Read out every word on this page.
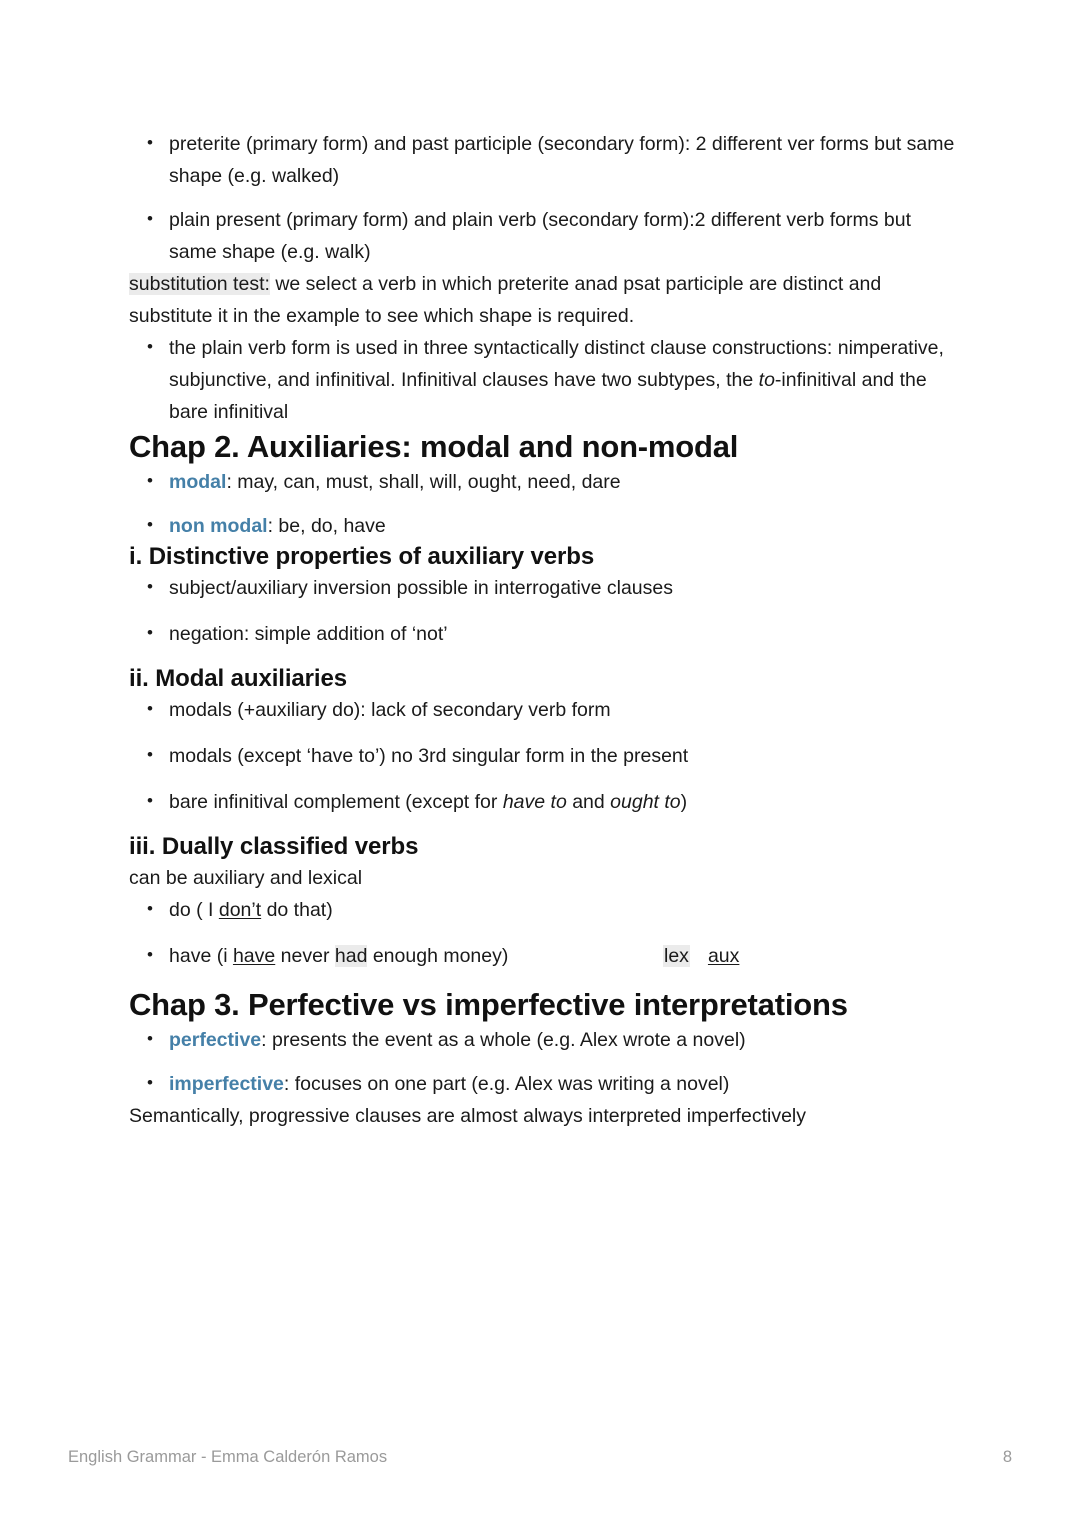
• preterite (primary form) and past participle (secondary form): 2 different ver forms but same shape (e.g. walked)
• plain present (primary form) and plain verb (secondary form):2 different verb forms but same shape (e.g. walk)

substitution test: we select a verb in which preterite anad psat participle are distinct and substitute it in the example to see which shape is required.

• the plain verb form is used in three syntactically distinct clause constructions: nimperative, subjunctive, and infinitival. Infinitival clauses have two subtypes, the to-infinitival and the bare infinitival
Chap 2. Auxiliaries: modal and non-modal
• modal: may, can, must, shall, will, ought, need, dare
• non modal: be, do, have
i. Distinctive properties of auxiliary verbs
• subject/auxiliary inversion possible in interrogative clauses
• negation: simple addition of ‘not’
ii. Modal auxiliaries
• modals (+auxiliary do): lack of secondary verb form
• modals (except ‘have to’) no 3rd singular form in the present
• bare infinitival complement (except for have to and ought to)
iii. Dually classified verbs

can be auxiliary and lexical

• do ( I don’t do that)
• have (i have never had enough money)	lex aux
Chap 3. Perfective vs imperfective interpretations
• perfective: presents the event as a whole (e.g. Alex wrote a novel)
• imperfective: focuses on one part (e.g. Alex was writing a novel)

Semantically, progressive clauses are almost always interpreted imperfectively

English Grammar - Emma Calderón Ramos	8
